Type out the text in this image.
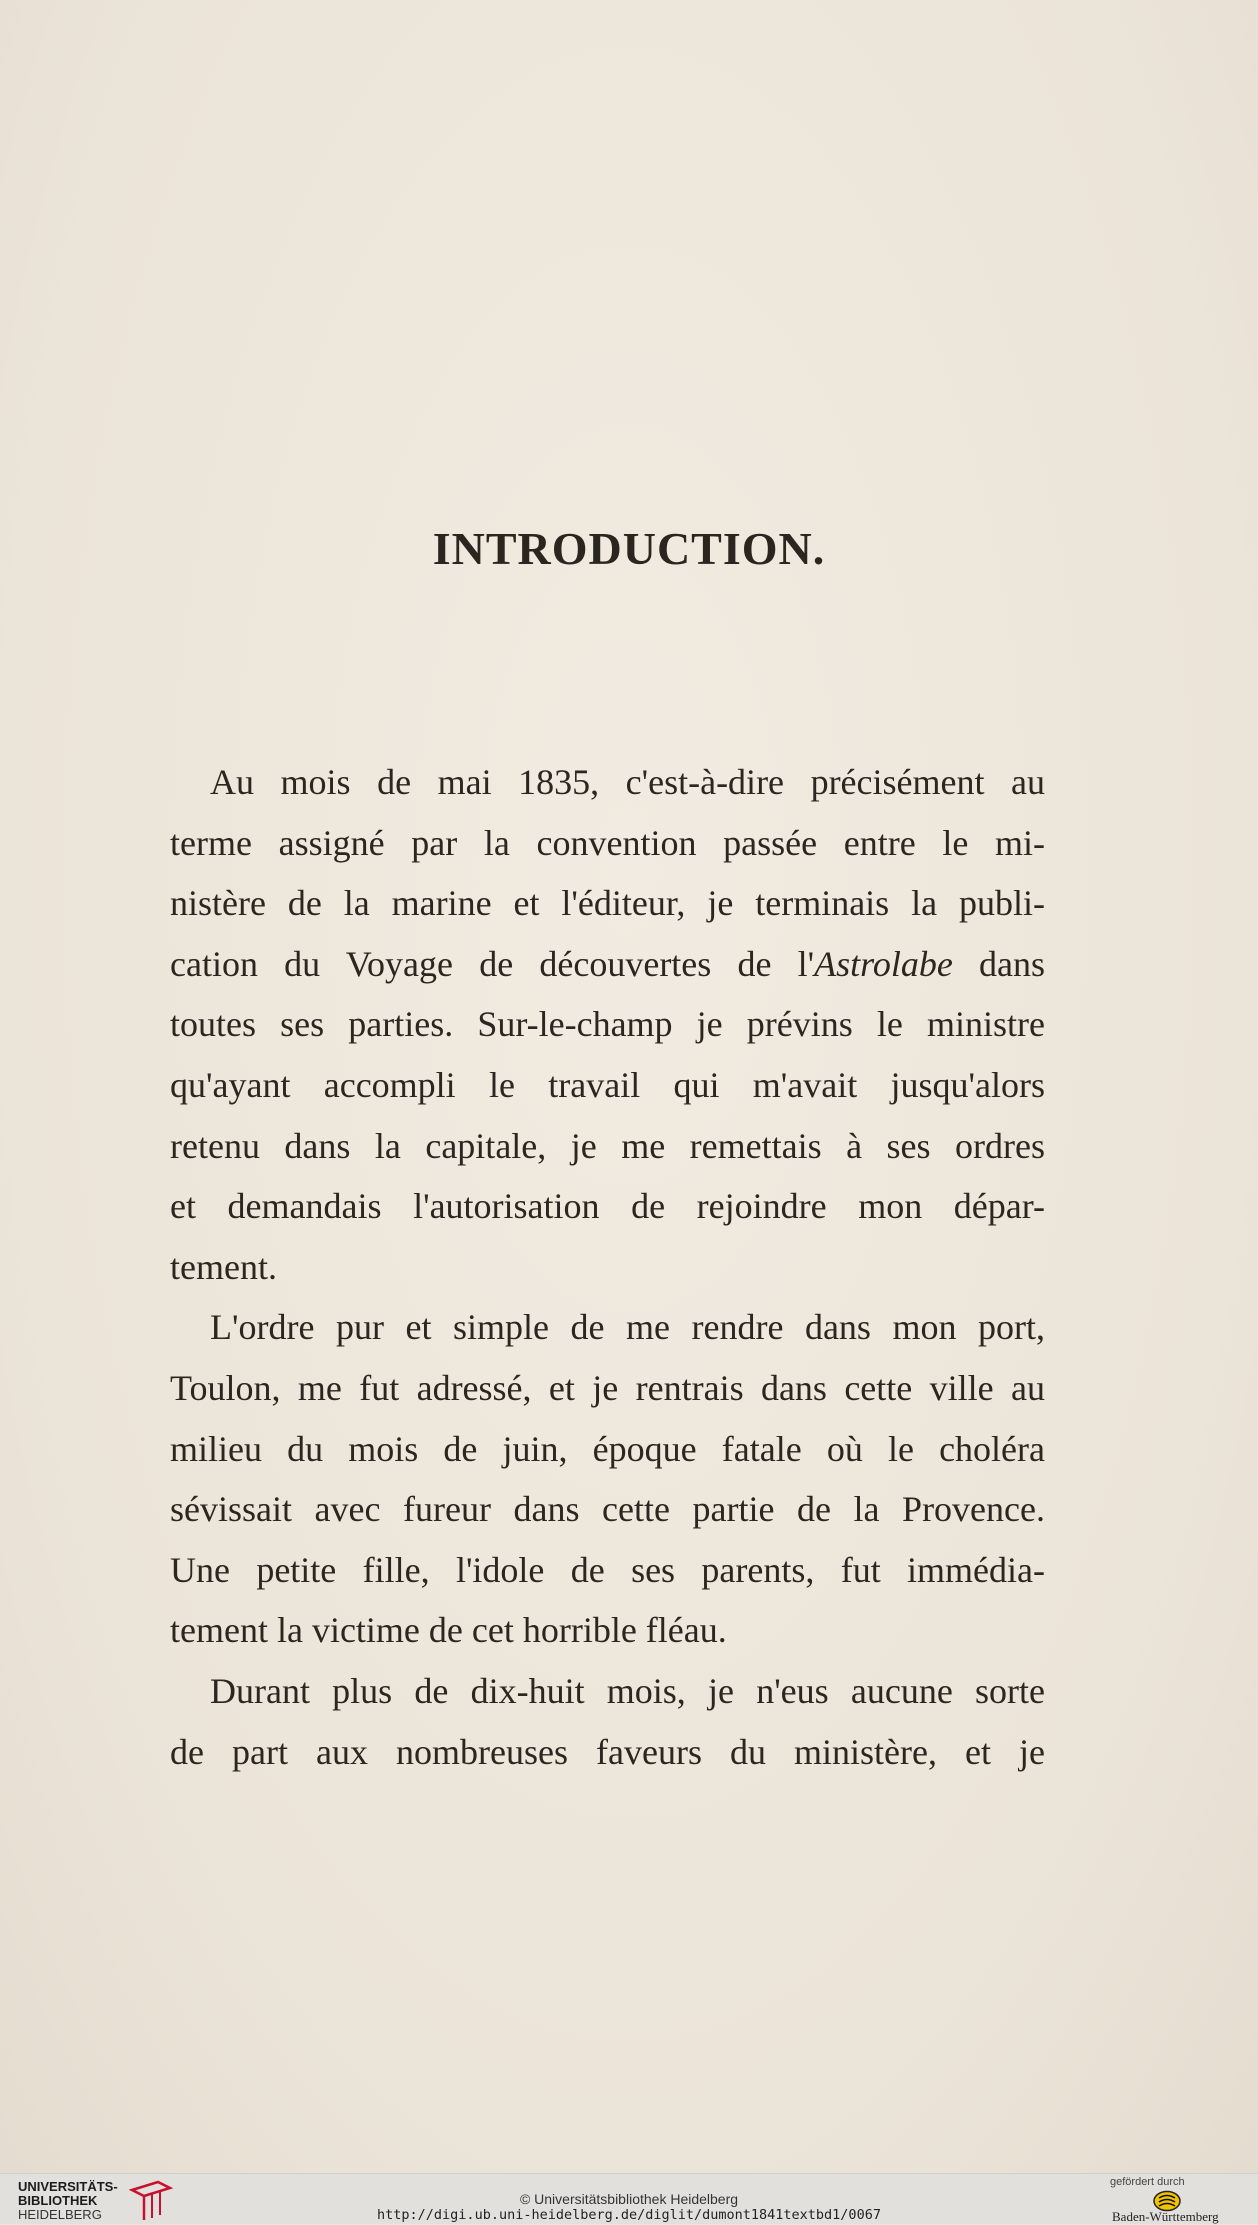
INTRODUCTION.
Au mois de mai 1835, c'est-à-dire précisément au
terme assigné par la convention passée entre le mi-
nistère de la marine et l'éditeur, je terminais la publi-
cation du Voyage de découvertes de l'Astrolabe dans
toutes ses parties. Sur-le-champ je prévins le ministre
qu'ayant accompli le travail qui m'avait jusqu'alors
retenu dans la capitale, je me remettais à ses ordres
et demandais l'autorisation de rejoindre mon dépar-
tement.
L'ordre pur et simple de me rendre dans mon port,
Toulon, me fut adressé, et je rentrais dans cette ville au
milieu du mois de juin, époque fatale où le choléra
sévissait avec fureur dans cette partie de la Provence.
Une petite fille, l'idole de ses parents, fut immédia-
tement la victime de cet horrible fléau.
Durant plus de dix-huit mois, je n'eus aucune sorte
de part aux nombreuses faveurs du ministère, et je
UNIVERSITÄTS-
BIBLIOTHEK
HEIDELBERG
© Universitätsbibliothek Heidelberg
http://digi.ub.uni-heidelberg.de/diglit/dumont1841textbd1/0067
gefördert durch
Baden-Württemberg
